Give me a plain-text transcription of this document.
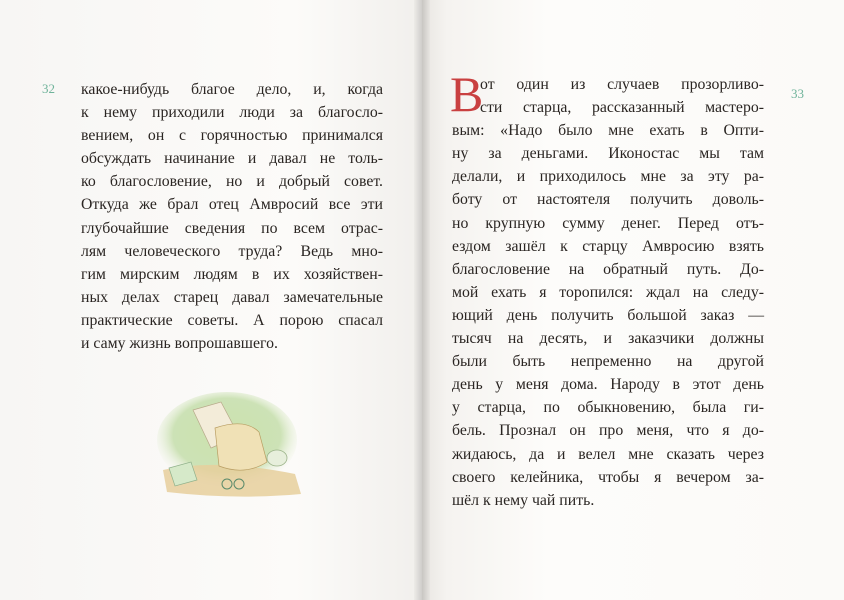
32	33
какое-нибудь благое дело, и, когда
к нему приходили люди за благосло-
вением, он с горячностью принимался
обсуждать начинание и давал не толь-
ко благословение, но и добрый совет.
Откуда же брал отец Амвросий все эти
глубочайшие сведения по всем отрас-
лям человеческого труда? Ведь мно-
гим мирским людям в их хозяйствен-
ных делах старец давал замечательные
практические советы. А порою спасал
и саму жизнь вопрошавшего.
В
от один из случаев прозорливо-
сти старца, рассказанный мастеро-
вым: «Надо было мне ехать в Опти-
ну за деньгами. Иконостас мы там
делали, и приходилось мне за эту ра-
боту от настоятеля получить доволь-
но крупную сумму денег. Перед отъ-
ездом зашёл к старцу Амвросию взять
благословение на обратный путь. До-
мой ехать я торопился: ждал на следу-
ющий день получить большой заказ —
тысяч на десять, и заказчики должны
были быть непременно на другой
день у меня дома. Народу в этот день
у старца, по обыкновению, была ги-
бель. Прознал он про меня, что я до-
жидаюсь, да и велел мне сказать через
своего келейника, чтобы я вечером за-
шёл к нему чай пить.
